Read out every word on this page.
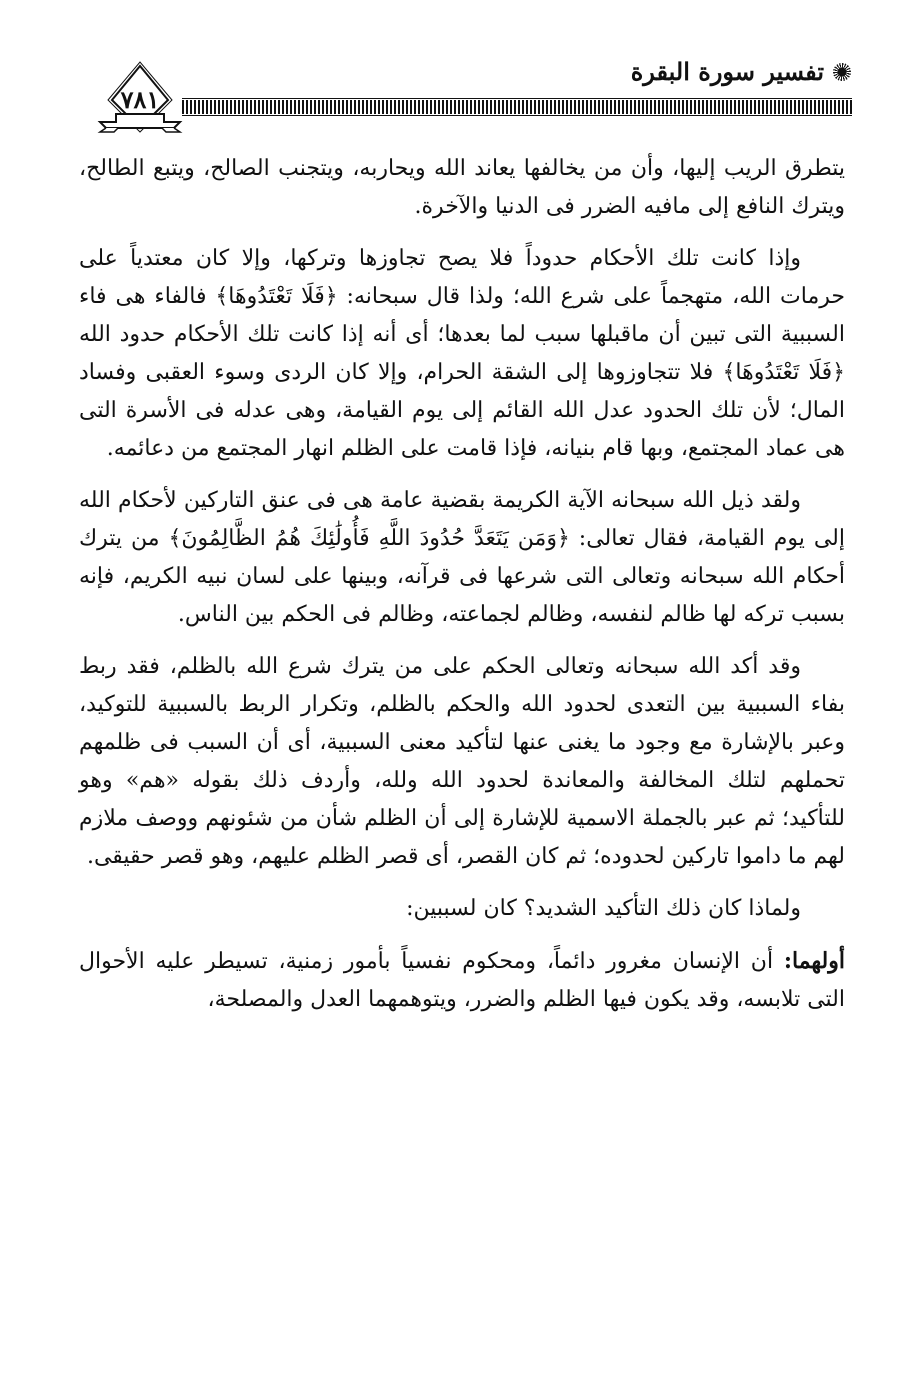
تفسير سورة البقرة
٧٨١

يتطرق الريب إليها، وأن من يخالفها يعاند الله ويحاربه، ويتجنب الصالح، ويتبع الطالح، ويترك النافع إلى مافيه الضرر فى الدنيا والآخرة.

وإذا كانت تلك الأحكام حدوداً فلا يصح تجاوزها وتركها، وإلا كان معتدياً على حرمات الله، متهجماً على شرع الله؛ ولذا قال سبحانه: ﴿فَلَا تَعْتَدُوهَا﴾ فالفاء هى فاء السببية التى تبين أن ماقبلها سبب لما بعدها؛ أى أنه إذا كانت تلك الأحكام حدود الله ﴿فَلَا تَعْتَدُوهَا﴾ فلا تتجاوزوها إلى الشقة الحرام، وإلا كان الردى وسوء العقبى وفساد المال؛ لأن تلك الحدود عدل الله القائم إلى يوم القيامة، وهى عدله فى الأسرة التى هى عماد المجتمع، وبها قام بنيانه، فإذا قامت على الظلم انهار المجتمع من دعائمه.

ولقد ذيل الله سبحانه الآية الكريمة بقضية عامة هى فى عنق التاركين لأحكام الله إلى يوم القيامة، فقال تعالى: ﴿وَمَن يَتَعَدَّ حُدُودَ اللَّهِ فَأُولَٰئِكَ هُمُ الظَّالِمُونَ﴾ من يترك أحكام الله سبحانه وتعالى التى شرعها فى قرآنه، وبينها على لسان نبيه الكريم، فإنه بسبب تركه لها ظالم لنفسه، وظالم لجماعته، وظالم فى الحكم بين الناس.

وقد أكد الله سبحانه وتعالى الحكم على من يترك شرع الله بالظلم، فقد ربط بفاء السببية بين التعدى لحدود الله والحكم بالظلم، وتكرار الربط بالسببية للتوكيد، وعبر بالإشارة مع وجود ما يغنى عنها لتأكيد معنى السببية، أى أن السبب فى ظلمهم تحملهم لتلك المخالفة والمعاندة لحدود الله ولله، وأردف ذلك بقوله «هم» وهو للتأكيد؛ ثم عبر بالجملة الاسمية للإشارة إلى أن الظلم شأن من شئونهم ووصف ملازم لهم ما داموا تاركين لحدوده؛ ثم كان القصر، أى قصر الظلم عليهم، وهو قصر حقيقى.

ولماذا كان ذلك التأكيد الشديد؟ كان لسببين:

أولهما: أن الإنسان مغرور دائماً، ومحكوم نفسياً بأمور زمنية، تسيطر عليه الأحوال التى تلابسه، وقد يكون فيها الظلم والضرر، ويتوهمهما العدل والمصلحة،
